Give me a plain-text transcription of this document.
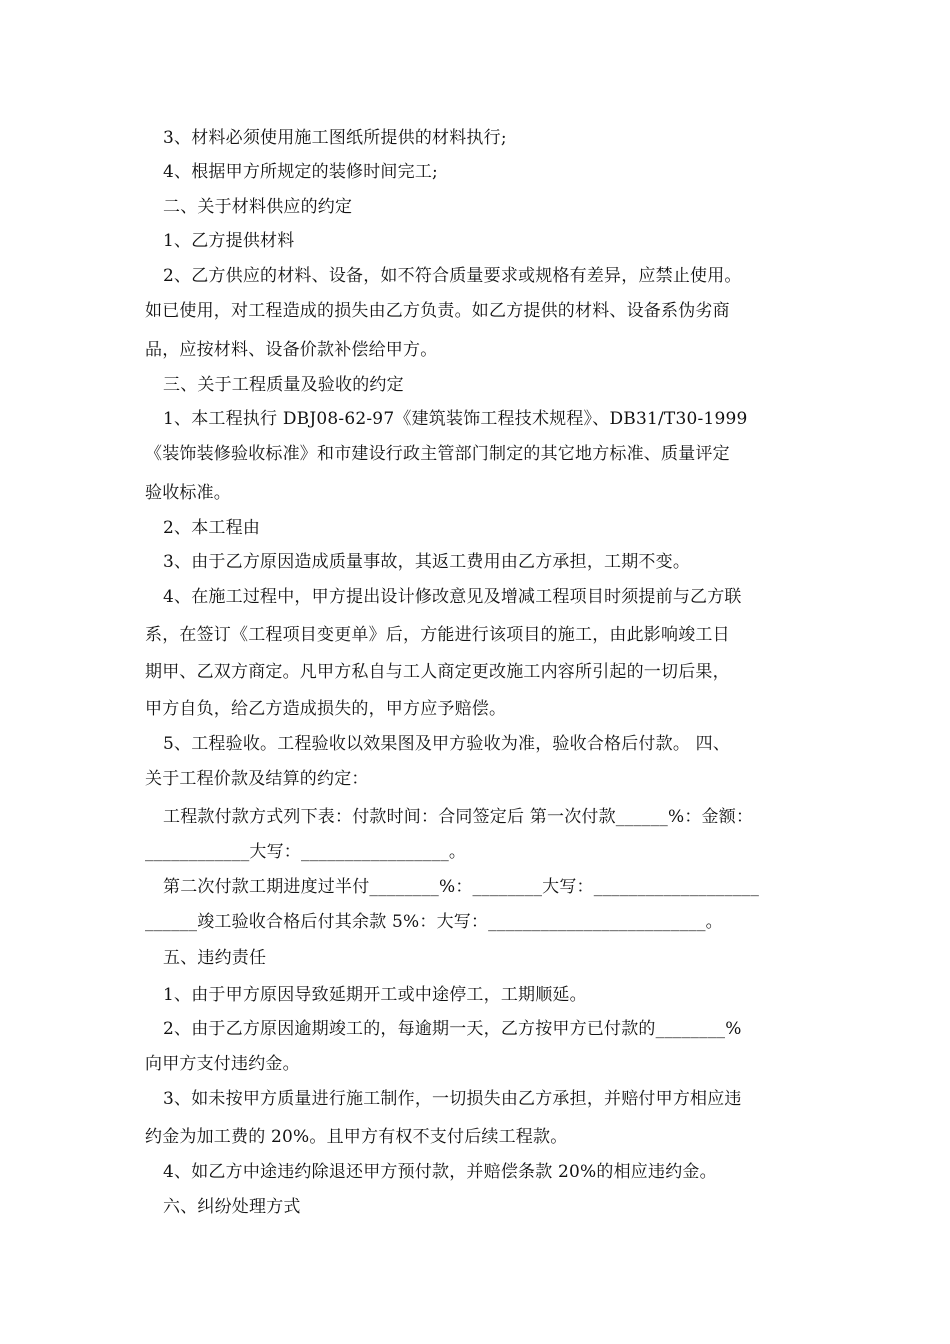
3、材料必须使用施工图纸所提供的材料执行;
4、根据甲方所规定的装修时间完工;
二、关于材料供应的约定
1、乙方提供材料
2、乙方供应的材料、设备，如不符合质量要求或规格有差异，应禁止使用。
如已使用，对工程造成的损失由乙方负责。如乙方提供的材料、设备系伪劣商
品，应按材料、设备价款补偿给甲方。
三、关于工程质量及验收的约定
1、本工程执行 DBJ08-62-97《建筑装饰工程技术规程》、DB31/T30-1999
《装饰装修验收标准》和市建设行政主管部门制定的其它地方标准、质量评定
验收标准。
2、本工程由
3、由于乙方原因造成质量事故，其返工费用由乙方承担，工期不变。
4、在施工过程中，甲方提出设计修改意见及增减工程项目时须提前与乙方联
系，在签订《工程项目变更单》后，方能进行该项目的施工，由此影响竣工日
期甲、乙双方商定。凡甲方私自与工人商定更改施工内容所引起的一切后果，
甲方自负，给乙方造成损失的，甲方应予赔偿。
5、工程验收。工程验收以效果图及甲方验收为准，验收合格后付款。 四、
关于工程价款及结算的约定：
工程款付款方式列下表：付款时间：合同签定后 第一次付款______%：金额：
____________大写：_________________。
第二次付款工期进度过半付________%：________大写：___________________
______竣工验收合格后付其余款 5%：大写：_________________________。
五、违约责任
1、由于甲方原因导致延期开工或中途停工，工期顺延。
2、由于乙方原因逾期竣工的，每逾期一天，乙方按甲方已付款的________%
向甲方支付违约金。
3、如未按甲方质量进行施工制作，一切损失由乙方承担，并赔付甲方相应违
约金为加工费的 20%。且甲方有权不支付后续工程款。
4、如乙方中途违约除退还甲方预付款，并赔偿条款 20%的相应违约金。
六、纠纷处理方式
